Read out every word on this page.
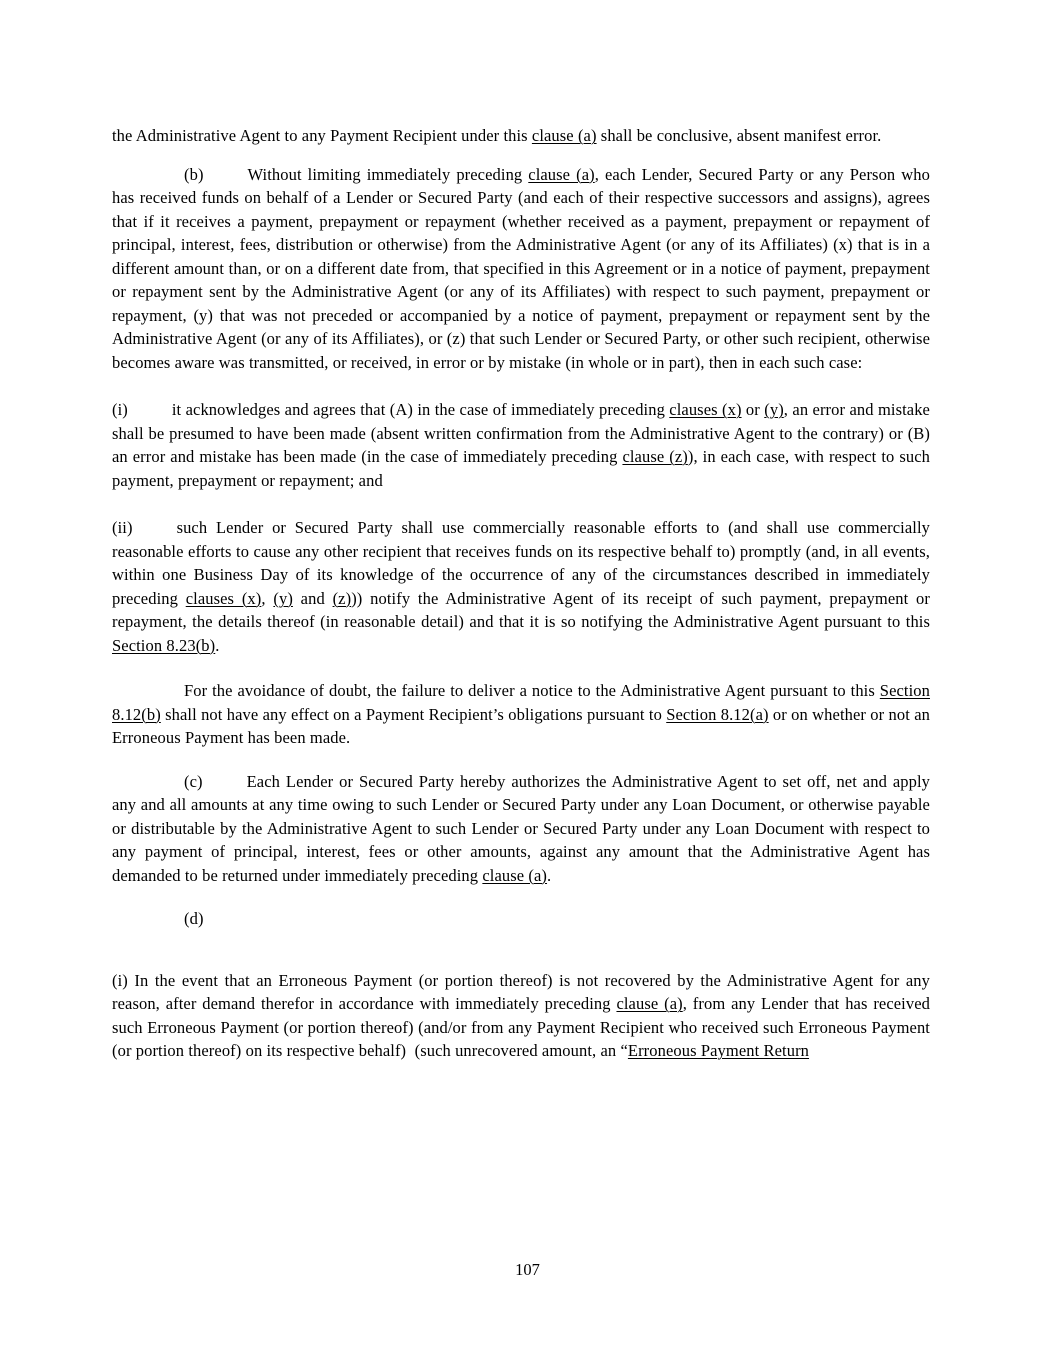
the Administrative Agent to any Payment Recipient under this clause (a) shall be conclusive, absent manifest error.

(b)	Without limiting immediately preceding clause (a), each Lender, Secured Party or any Person who has received funds on behalf of a Lender or Secured Party (and each of their respective successors and assigns), agrees that if it receives a payment, prepayment or repayment (whether received as a payment, prepayment or repayment of principal, interest, fees, distribution or otherwise) from the Administrative Agent (or any of its Affiliates) (x) that is in a different amount than, or on a different date from, that specified in this Agreement or in a notice of payment, prepayment or repayment sent by the Administrative Agent (or any of its Affiliates) with respect to such payment, prepayment or repayment, (y) that was not preceded or accompanied by a notice of payment, prepayment or repayment sent by the Administrative Agent (or any of its Affiliates), or (z) that such Lender or Secured Party, or other such recipient, otherwise becomes aware was transmitted, or received, in error or by mistake (in whole or in part), then in each such case:

(i)	it acknowledges and agrees that (A) in the case of immediately preceding clauses (x) or (y), an error and mistake shall be presumed to have been made (absent written confirmation from the Administrative Agent to the contrary) or (B) an error and mistake has been made (in the case of immediately preceding clause (z)), in each case, with respect to such payment, prepayment or repayment; and

(ii)	such Lender or Secured Party shall use commercially reasonable efforts to (and shall use commercially reasonable efforts to cause any other recipient that receives funds on its respective behalf to) promptly (and, in all events, within one Business Day of its knowledge of the occurrence of any of the circumstances described in immediately preceding clauses (x), (y) and (z))) notify the Administrative Agent of its receipt of such payment, prepayment or repayment, the details thereof (in reasonable detail) and that it is so notifying the Administrative Agent pursuant to this Section 8.23(b).

For the avoidance of doubt, the failure to deliver a notice to the Administrative Agent pursuant to this Section 8.12(b) shall not have any effect on a Payment Recipient’s obligations pursuant to Section 8.12(a) or on whether or not an Erroneous Payment has been made.

(c)	Each Lender or Secured Party hereby authorizes the Administrative Agent to set off, net and apply any and all amounts at any time owing to such Lender or Secured Party under any Loan Document, or otherwise payable or distributable by the Administrative Agent to such Lender or Secured Party under any Loan Document with respect to any payment of principal, interest, fees or other amounts, against any amount that the Administrative Agent has demanded to be returned under immediately preceding clause (a).

(d)

(i) In the event that an Erroneous Payment (or portion thereof) is not recovered by the Administrative Agent for any reason, after demand therefor in accordance with immediately preceding clause (a), from any Lender that has received such Erroneous Payment (or portion thereof) (and/or from any Payment Recipient who received such Erroneous Payment (or portion thereof) on its respective behalf)  (such unrecovered amount, an “Erroneous Payment Return

107
